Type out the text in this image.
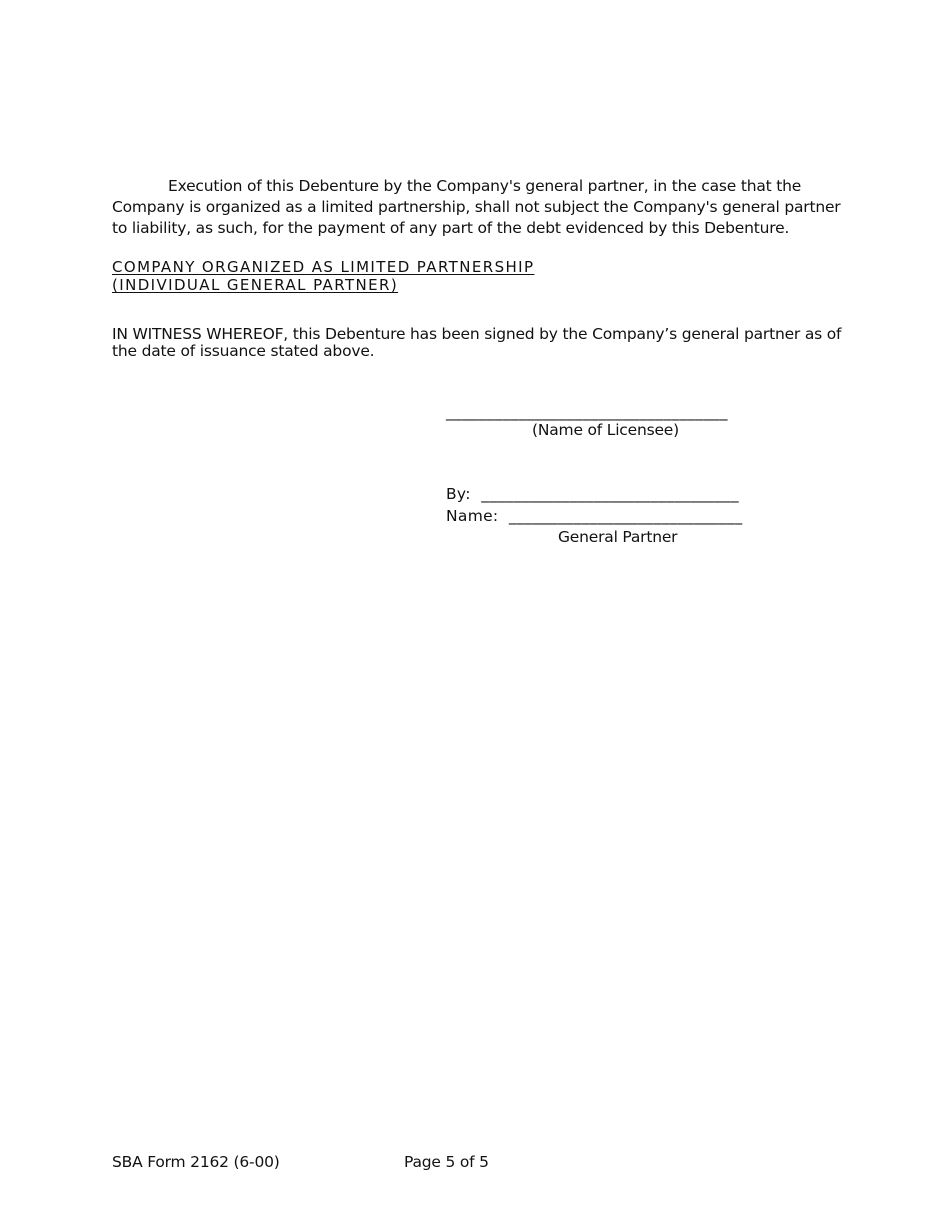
Execution of this Debenture by the Company's general partner, in the case that the Company is organized as a limited partnership, shall not subject the Company's general partner to liability, as such, for the payment of any part of the debt evidenced by this Debenture.
COMPANY ORGANIZED AS LIMITED PARTNERSHIP
(INDIVIDUAL GENERAL PARTNER)
IN WITNESS WHEREOF, this Debenture has been signed by the Company’s general partner as of the date of issuance stated above.
___________________________________
(Name of Licensee)
By: ________________________________
Name: _____________________________
General Partner
SBA Form 2162 (6-00)	Page 5 of 5
